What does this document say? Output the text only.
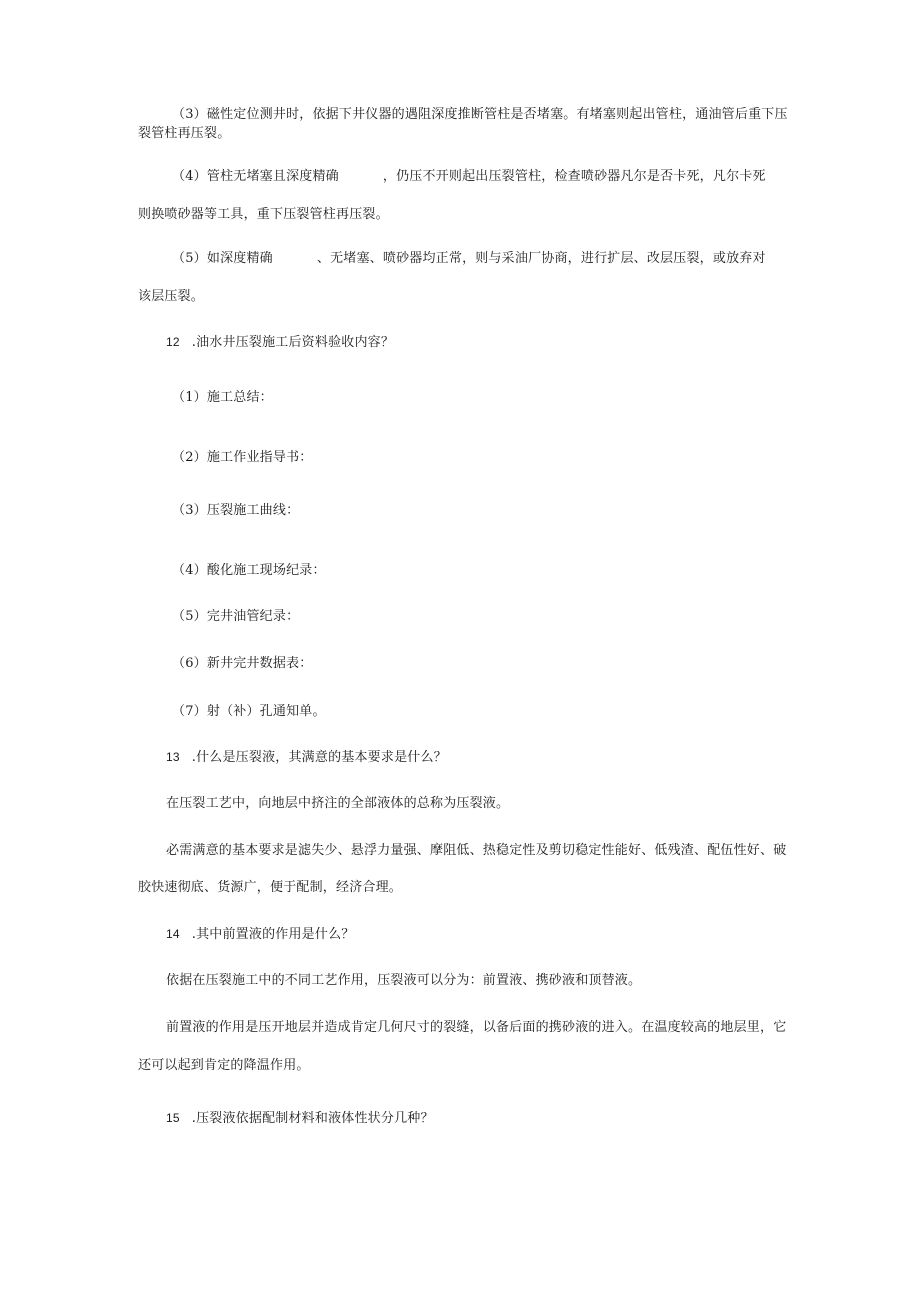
（3）磁性定位测井时，依据下井仪器的遇阻深度推断管柱是否堵塞。有堵塞则起出管柱，通油管后重下压
裂管柱再压裂。
（4）管柱无堵塞且深度精确	，仍压不开则起出压裂管柱，检查喷砂器凡尔是否卡死，凡尔卡死
则换喷砂器等工具，重下压裂管柱再压裂。
（5）如深度精确	、无堵塞、喷砂器均正常，则与采油厂协商，进行扩层、改层压裂，或放弃对
该层压裂。
12 .油水井压裂施工后资料验收内容？
（1）施工总结：
（2）施工作业指导书：
（3）压裂施工曲线：
（4）酸化施工现场纪录：
（5）完井油管纪录：
（6）新井完井数据表：
（7）射（补）孔通知单。
13 .什么是压裂液，其满意的基本要求是什么？
在压裂工艺中，向地层中挤注的全部液体的总称为压裂液。
必需满意的基本要求是滤失少、悬浮力量强、摩阻低、热稳定性及剪切稳定性能好、低残渣、配伍性好、破
胶快速彻底、货源广，便于配制，经济合理。
14 .其中前置液的作用是什么？
依据在压裂施工中的不同工艺作用，压裂液可以分为：前置液、携砂液和顶替液。
前置液的作用是压开地层并造成肯定几何尺寸的裂缝，以备后面的携砂液的进入。在温度较高的地层里，它
还可以起到肯定的降温作用。
15 .压裂液依据配制材料和液体性状分几种？
